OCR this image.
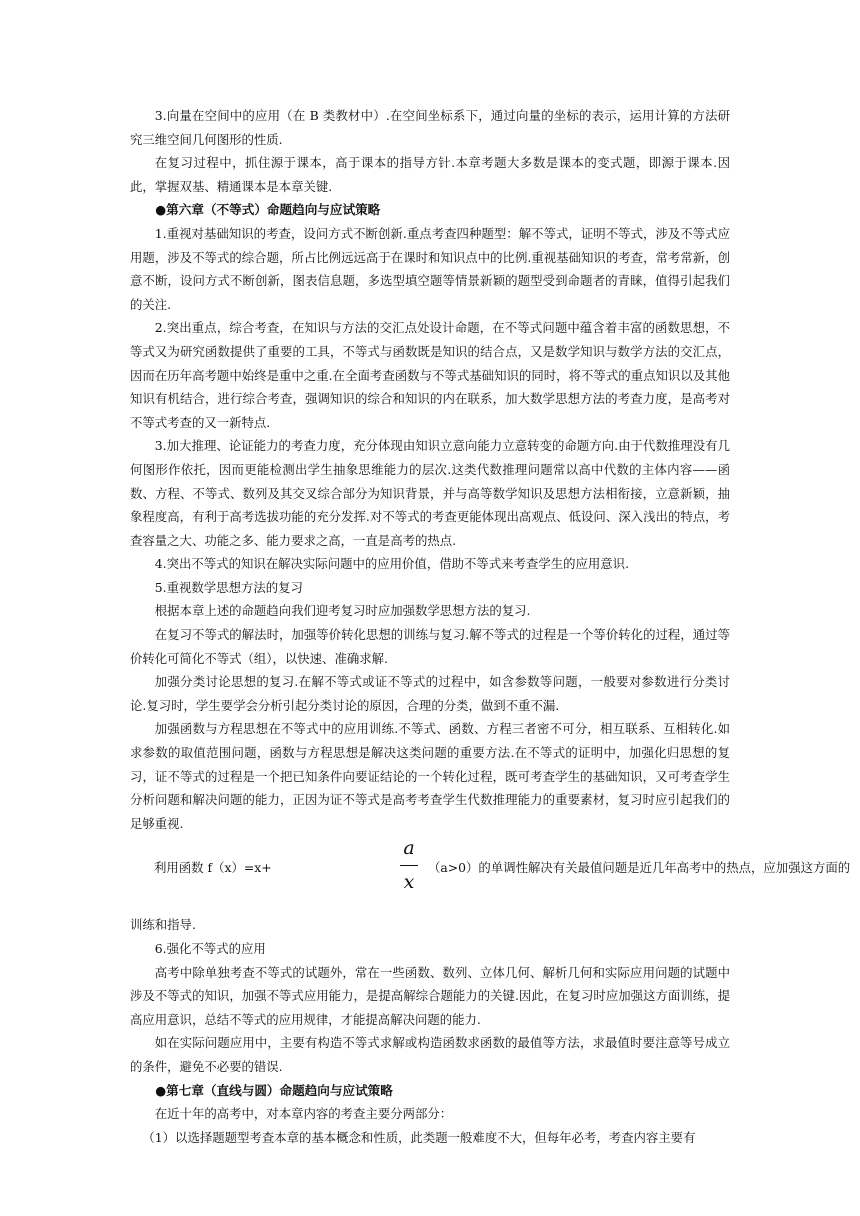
3.向量在空间中的应用（在 B 类教材中）.在空间坐标系下，通过向量的坐标的表示，运用计算的方法研究三维空间几何图形的性质.

在复习过程中，抓住源于课本，高于课本的指导方针.本章考题大多数是课本的变式题，即源于课本.因此，掌握双基、精通课本是本章关键.

●第六章（不等式）命题趋向与应试策略

1.重视对基础知识的考查，设问方式不断创新.重点考查四种题型：解不等式，证明不等式，涉及不等式应用题，涉及不等式的综合题，所占比例远远高于在课时和知识点中的比例.重视基础知识的考查，常考常新，创意不断，设问方式不断创新，图表信息题，多选型填空题等情景新颖的题型受到命题者的青睐，值得引起我们的关注.

2.突出重点，综合考查，在知识与方法的交汇点处设计命题，在不等式问题中蕴含着丰富的函数思想，不等式又为研究函数提供了重要的工具，不等式与函数既是知识的结合点，又是数学知识与数学方法的交汇点，因而在历年高考题中始终是重中之重.在全面考查函数与不等式基础知识的同时，将不等式的重点知识以及其他知识有机结合，进行综合考查，强调知识的综合和知识的内在联系，加大数学思想方法的考查力度，是高考对不等式考查的又一新特点.

3.加大推理、论证能力的考查力度，充分体现由知识立意向能力立意转变的命题方向.由于代数推理没有几何图形作依托，因而更能检测出学生抽象思维能力的层次.这类代数推理问题常以高中代数的主体内容——函数、方程、不等式、数列及其交叉综合部分为知识背景，并与高等数学知识及思想方法相衔接，立意新颖，抽象程度高，有利于高考选拔功能的充分发挥.对不等式的考查更能体现出高观点、低设问、深入浅出的特点，考查容量之大、功能之多、能力要求之高，一直是高考的热点.

4.突出不等式的知识在解决实际问题中的应用价值，借助不等式来考查学生的应用意识.

5.重视数学思想方法的复习

根据本章上述的命题趋向我们迎考复习时应加强数学思想方法的复习.

在复习不等式的解法时，加强等价转化思想的训练与复习.解不等式的过程是一个等价转化的过程，通过等价转化可简化不等式（组），以快速、准确求解.

加强分类讨论思想的复习.在解不等式或证不等式的过程中，如含参数等问题，一般要对参数进行分类讨论.复习时，学生要学会分析引起分类讨论的原因，合理的分类，做到不重不漏.

加强函数与方程思想在不等式中的应用训练.不等式、函数、方程三者密不可分，相互联系、互相转化.如求参数的取值范围问题，函数与方程思想是解决这类问题的重要方法.在不等式的证明中，加强化归思想的复习，证不等式的过程是一个把已知条件向要证结论的一个转化过程，既可考查学生的基础知识，又可考查学生分析问题和解决问题的能力，正因为证不等式是高考考查学生代数推理能力的重要素材，复习时应引起我们的足够重视.

利用函数 f（x）=x+
a
x
（a>0）的单调性解决有关最值问题是近几年高考中的热点，应加强这方面的

训练和指导.

6.强化不等式的应用

高考中除单独考查不等式的试题外，常在一些函数、数列、立体几何、解析几何和实际应用问题的试题中涉及不等式的知识，加强不等式应用能力，是提高解综合题能力的关键.因此，在复习时应加强这方面训练，提高应用意识，总结不等式的应用规律，才能提高解决问题的能力.

如在实际问题应用中，主要有构造不等式求解或构造函数求函数的最值等方法，求最值时要注意等号成立的条件，避免不必要的错误.

●第七章（直线与圆）命题趋向与应试策略

在近十年的高考中，对本章内容的考查主要分两部分：

（1）以选择题题型考查本章的基本概念和性质，此类题一般难度不大，但每年必考，考查内容主要有
